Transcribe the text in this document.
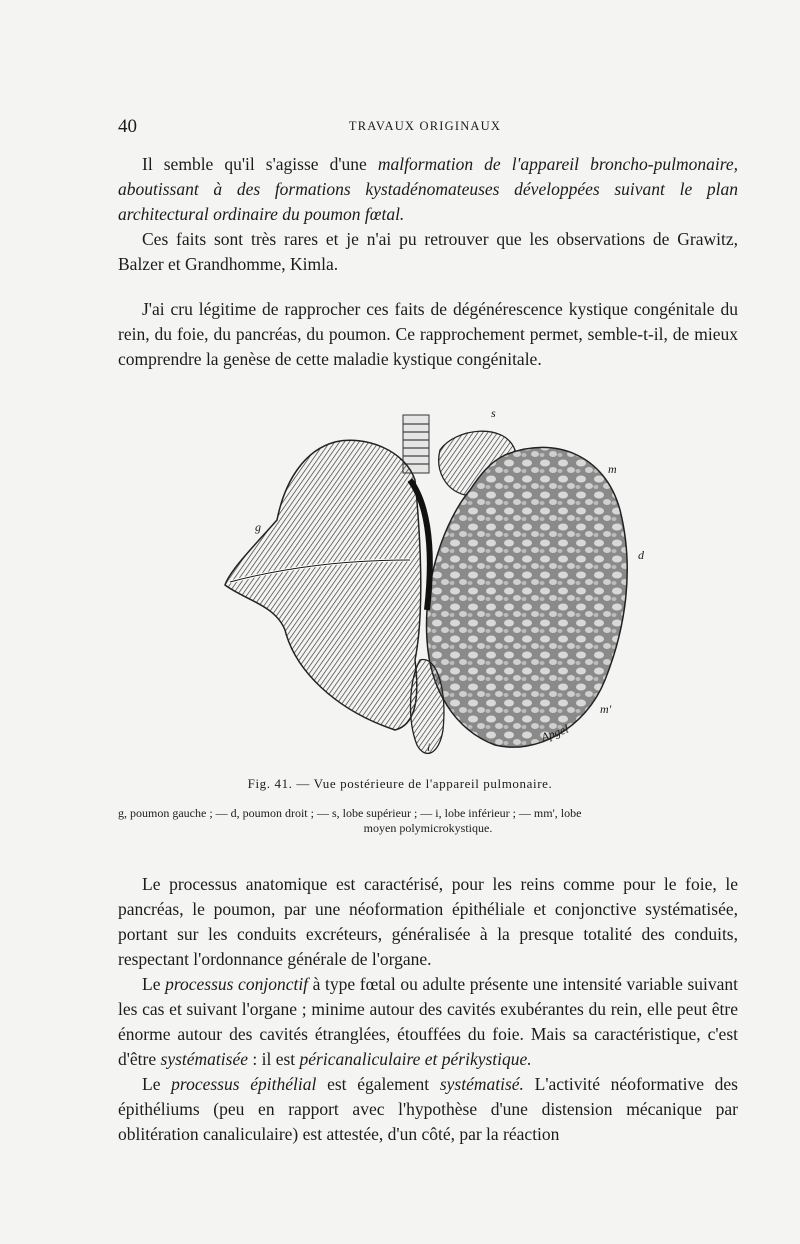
40	TRAVAUX ORIGINAUX

Il semble qu'il s'agisse d'une malformation de l'appareil broncho-pulmonaire, aboutissant à des formations kystadénomateuses développées suivant le plan architectural ordinaire du poumon fœtal.

Ces faits sont très rares et je n'ai pu retrouver que les observations de Grawitz, Balzer et Grandhomme, Kimla.

J'ai cru légitime de rapprocher ces faits de dégénérescence kystique congénitale du rein, du foie, du pancréas, du poumon. Ce rapprochement permet, semble-t-il, de mieux comprendre la genèse de cette maladie kystique congénitale.

s
m
g
d
m'
i
Apgel
Fig. 41. — Vue postérieure de l'appareil pulmonaire.
g, poumon gauche ; — d, poumon droit ; — s, lobe supérieur ; — i, lobe inférieur ; — mm', lobe
moyen polymicrokystique.

Le processus anatomique est caractérisé, pour les reins comme pour le foie, le pancréas, le poumon, par une néoformation épithéliale et conjonctive systématisée, portant sur les conduits excréteurs, généralisée à la presque totalité des conduits, respectant l'ordonnance générale de l'organe.

Le processus conjonctif à type fœtal ou adulte présente une intensité variable suivant les cas et suivant l'organe ; minime autour des cavités exubérantes du rein, elle peut être énorme autour des cavités étranglées, étouffées du foie. Mais sa caractéristique, c'est d'être systématisée : il est péricanaliculaire et périkystique.

Le processus épithélial est également systématisé. L'activité néoformative des épithéliums (peu en rapport avec l'hypothèse d'une distension mécanique par oblitération canaliculaire) est attestée, d'un côté, par la réaction
